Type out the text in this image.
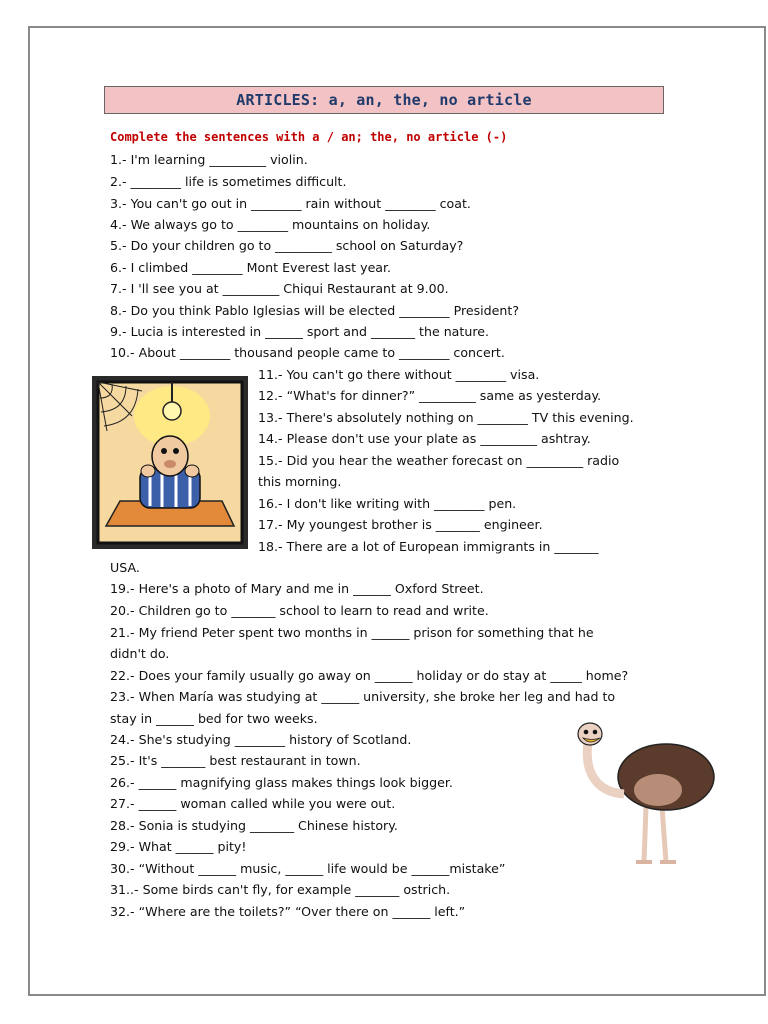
ARTICLES: a, an, the, no article
Complete the sentences with a / an; the, no article (-)
1.- I'm learning _________ violin.
2.- ________ life is sometimes difficult.
3.- You can't go out in ________ rain without ________ coat.
4.- We always go to ________ mountains on holiday.
5.- Do your children go to _________ school on Saturday?
6.- I climbed ________ Mont Everest last year.
7.- I 'll see you at _________ Chiqui Restaurant at 9.00.
8.- Do you think Pablo Iglesias will be elected ________ President?
9.- Lucia is interested in ______ sport and _______ the nature.
10.- About ________ thousand people came to ________ concert.
11.- You can't go there without ________ visa.
12.- “What's for dinner?” _________ same as yesterday.
13.- There's absolutely nothing on ________ TV this evening.
14.- Please don't use your plate as _________ ashtray.
15.- Did you hear the weather forecast on _________ radio
this morning.
16.- I don't like writing with ________ pen.
17.- My youngest brother is _______ engineer.
18.- There are a lot of European immigrants in _______
USA.
19.- Here's a photo of Mary and me in ______ Oxford Street.
20.- Children go to _______ school to learn to read and write.
21.- My friend Peter spent two months in ______ prison for something that he
didn't do.
22.- Does your family usually go away on ______ holiday or do stay at _____ home?
23.- When María was studying at ______ university, she broke her leg and had to
stay in ______ bed for two weeks.
24.- She's studying ________ history of Scotland.
25.- It's _______ best restaurant in town.
26.- ______ magnifying glass makes things look bigger.
27.- ______ woman called while you were out.
28.- Sonia is studying _______ Chinese history.
29.- What ______ pity!
30.- “Without ______ music, ______ life would be ______mistake”
31..- Some birds can't fly, for example _______ ostrich.
32.- “Where are the toilets?” “Over there on ______ left.”
